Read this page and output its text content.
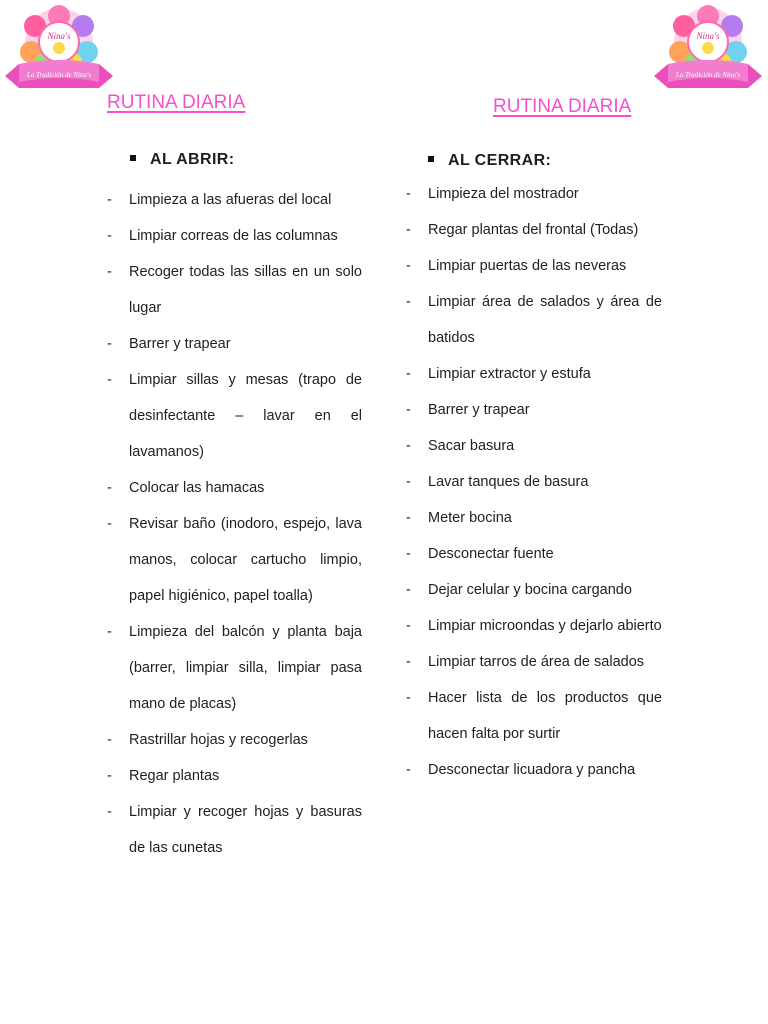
Nina's
La Tradición de Nina's
Nina's
La Tradición de Nina's
RUTINA DIARIA	RUTINA DIARIA
AL ABRIR:	AL CERRAR:
- Limpieza a las afueras del local
- Limpiar correas de las columnas
- Recoger todas las sillas en un solo lugar
- Barrer y trapear
- Limpiar sillas y mesas (trapo de desinfectante – lavar en el lavamanos)
- Colocar las hamacas
- Revisar baño (inodoro, espejo, lava manos, colocar cartucho limpio, papel higiénico, papel toalla)
- Limpieza del balcón y planta baja (barrer, limpiar silla, limpiar pasa mano de placas)
- Rastrillar hojas y recogerlas
- Regar plantas
- Limpiar y recoger hojas y basuras de las cunetas
- Limpieza del mostrador
- Regar plantas del frontal (Todas)
- Limpiar puertas de las neveras
- Limpiar área de salados y área de batidos
- Limpiar extractor y estufa
- Barrer y trapear
- Sacar basura
- Lavar tanques de basura
- Meter bocina
- Desconectar fuente
- Dejar celular y bocina cargando
- Limpiar microondas y dejarlo abierto
- Limpiar tarros de área de salados
- Hacer lista de los productos que hacen falta por surtir
- Desconectar licuadora y pancha
